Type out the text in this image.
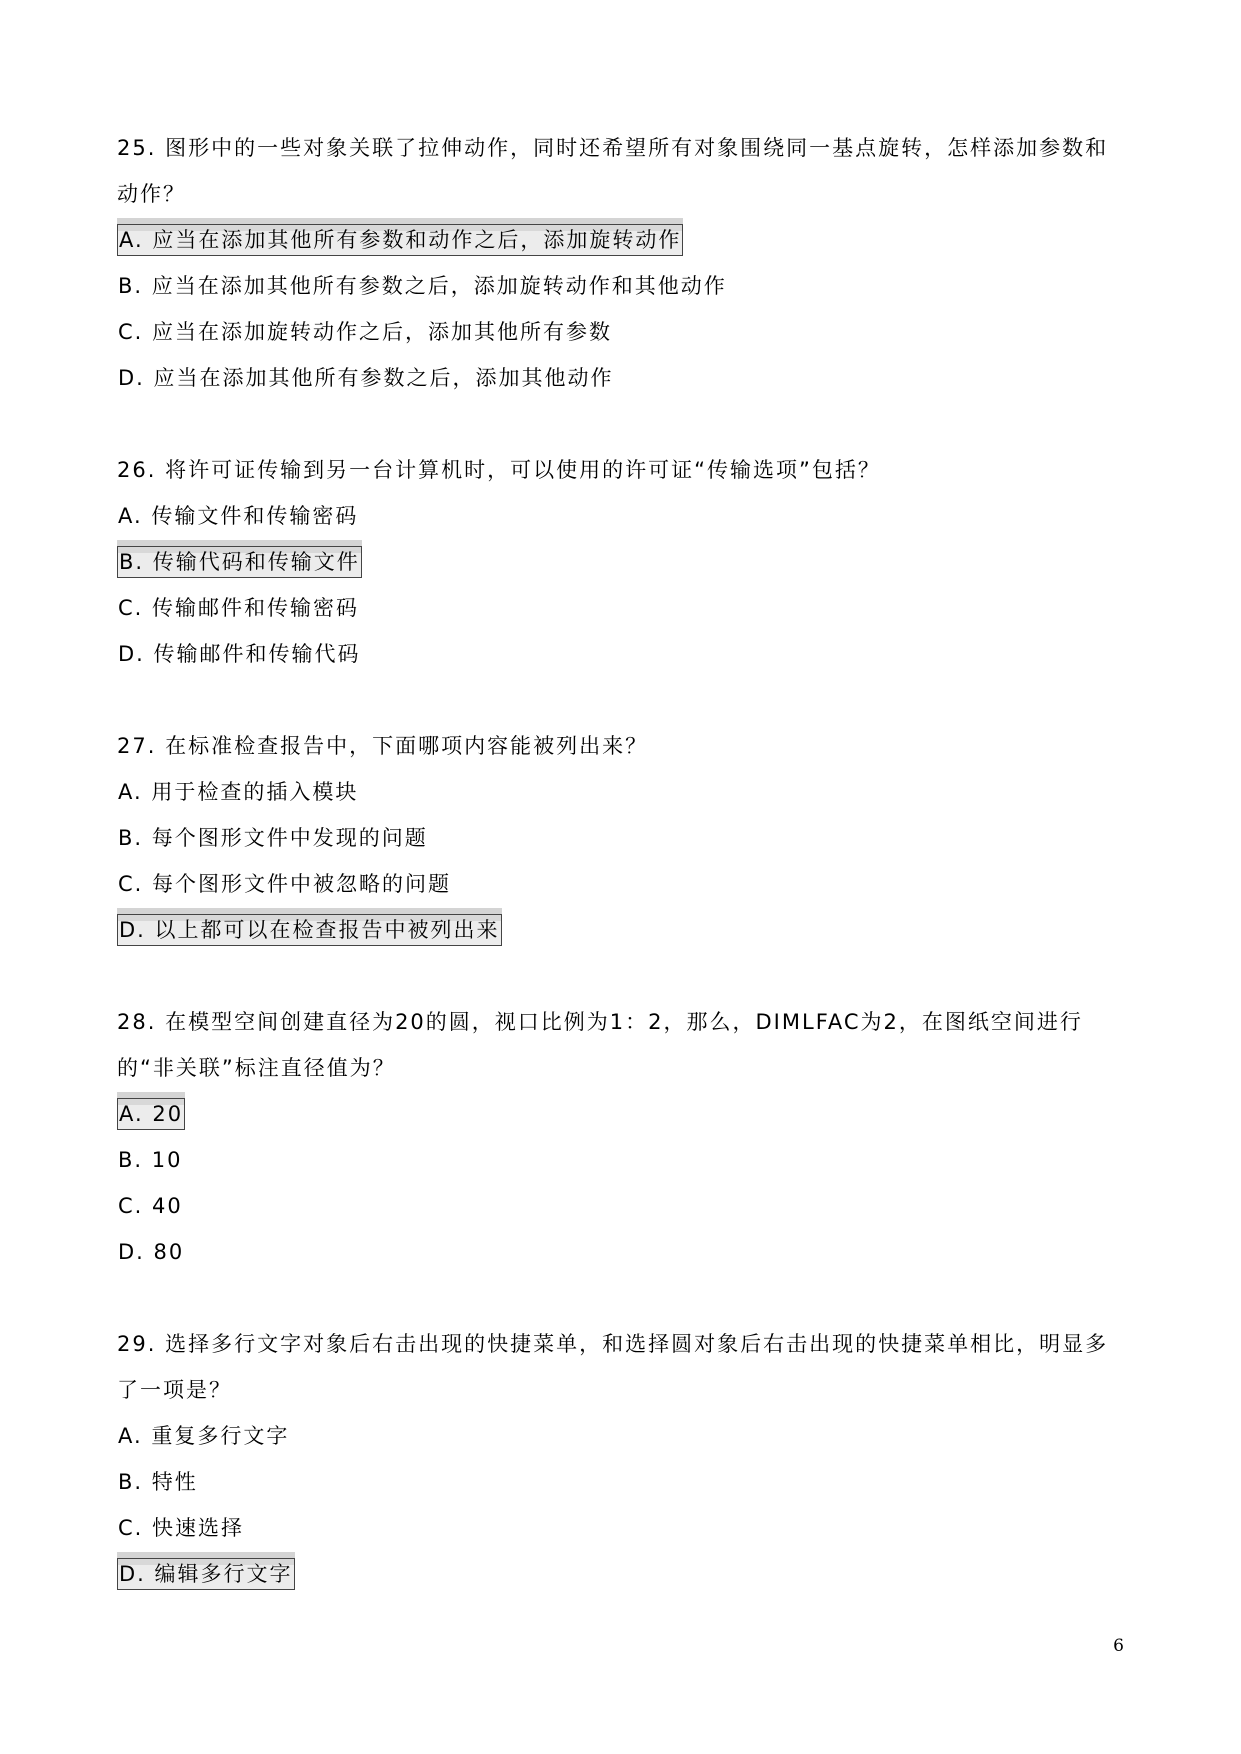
25. 图形中的一些对象关联了拉伸动作，同时还希望所有对象围绕同一基点旋转，怎样添加参数和动作？

A. 应当在添加其他所有参数和动作之后，添加旋转动作
B. 应当在添加其他所有参数之后，添加旋转动作和其他动作
C. 应当在添加旋转动作之后，添加其他所有参数
D. 应当在添加其他所有参数之后，添加其他动作

26. 将许可证传输到另一台计算机时，可以使用的许可证“传输选项”包括？

A. 传输文件和传输密码
B. 传输代码和传输文件
C. 传输邮件和传输密码
D. 传输邮件和传输代码

27. 在标准检查报告中，下面哪项内容能被列出来？

A. 用于检查的插入模块
B. 每个图形文件中发现的问题
C. 每个图形文件中被忽略的问题
D. 以上都可以在检查报告中被列出来

28. 在模型空间创建直径为20的圆，视口比例为1：2，那么，DIMLFAC为2，在图纸空间进行的“非关联”标注直径值为？

A. 20
B. 10
C. 40
D. 80

29. 选择多行文字对象后右击出现的快捷菜单，和选择圆对象后右击出现的快捷菜单相比，明显多了一项是？

A. 重复多行文字
B. 特性
C. 快速选择
D. 编辑多行文字
6
